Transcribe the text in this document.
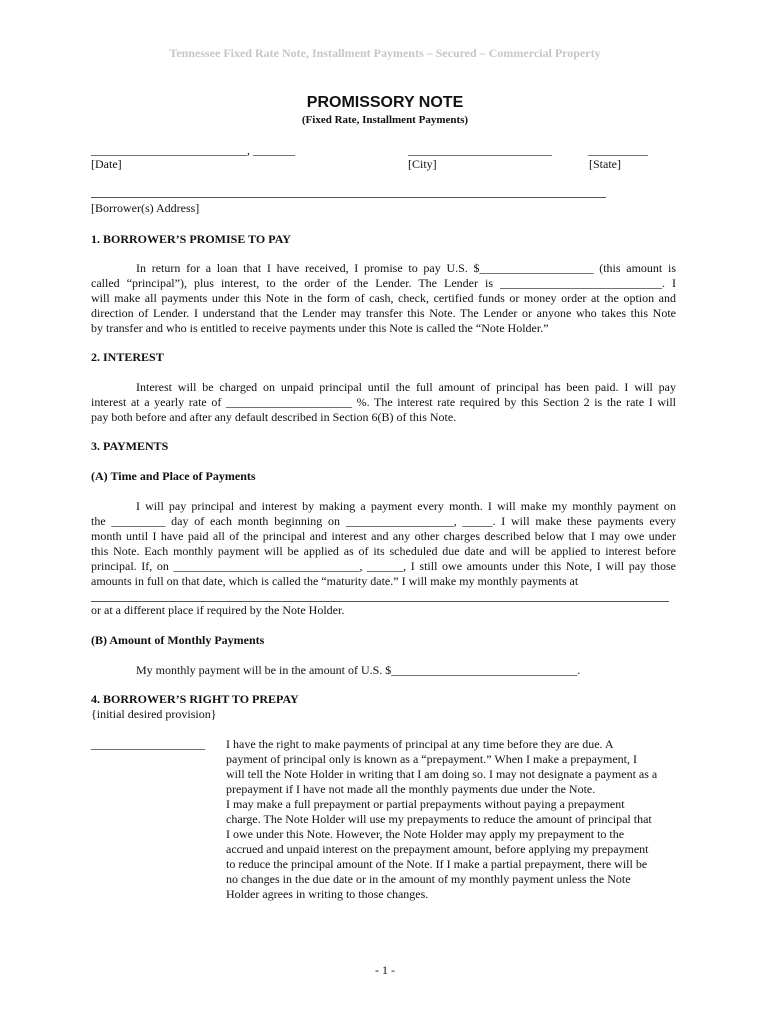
Tennessee Fixed Rate Note, Installment Payments – Secured – Commercial Property
PROMISSORY NOTE
(Fixed Rate, Installment Payments)
__________________________, _______	________________________	__________
[Date]	[City]	[State]
[Borrower(s) Address]
1. BORROWER’S PROMISE TO PAY
In return for a loan that I have received, I promise to pay U.S. $___________________ (this amount is
called “principal”), plus interest, to the order of the Lender. The Lender is ___________________________. I
will make all payments under this Note in the form of cash, check, certified funds or money order at the option and
direction of Lender. I understand that the Lender may transfer this Note. The Lender or anyone who takes this Note
by transfer and who is entitled to receive payments under this Note is called the “Note Holder.”
2. INTEREST
Interest will be charged on unpaid principal until the full amount of principal has been paid. I will pay
interest at a yearly rate of _____________________ %. The interest rate required by this Section 2 is the rate I will
pay both before and after any default described in Section 6(B) of this Note.
3. PAYMENTS
(A) Time and Place of Payments
I will pay principal and interest by making a payment every month. I will make my monthly payment on
the _________ day of each month beginning on __________________, _____. I will make these payments every
month until I have paid all of the principal and interest and any other charges described below that I may owe under
this Note. Each monthly payment will be applied as of its scheduled due date and will be applied to interest before
principal. If, on _______________________________, ______, I still owe amounts under this Note, I will pay those
amounts in full on that date, which is called the “maturity date.” I will make my monthly payments at
or at a different place if required by the Note Holder.
(B) Amount of Monthly Payments
My monthly payment will be in the amount of U.S. $_______________________________.
4. BORROWER’S RIGHT TO PREPAY
{initial desired provision}
___________________ I have the right to make payments of principal at any time before they are due. A
payment of principal only is known as a “prepayment.” When I make a prepayment, I
will tell the Note Holder in writing that I am doing so. I may not designate a payment as a
prepayment if I have not made all the monthly payments due under the Note.
I may make a full prepayment or partial prepayments without paying a prepayment
charge. The Note Holder will use my prepayments to reduce the amount of principal that
I owe under this Note. However, the Note Holder may apply my prepayment to the
accrued and unpaid interest on the prepayment amount, before applying my prepayment
to reduce the principal amount of the Note. If I make a partial prepayment, there will be
no changes in the due date or in the amount of my monthly payment unless the Note
Holder agrees in writing to those changes.
- 1 -
